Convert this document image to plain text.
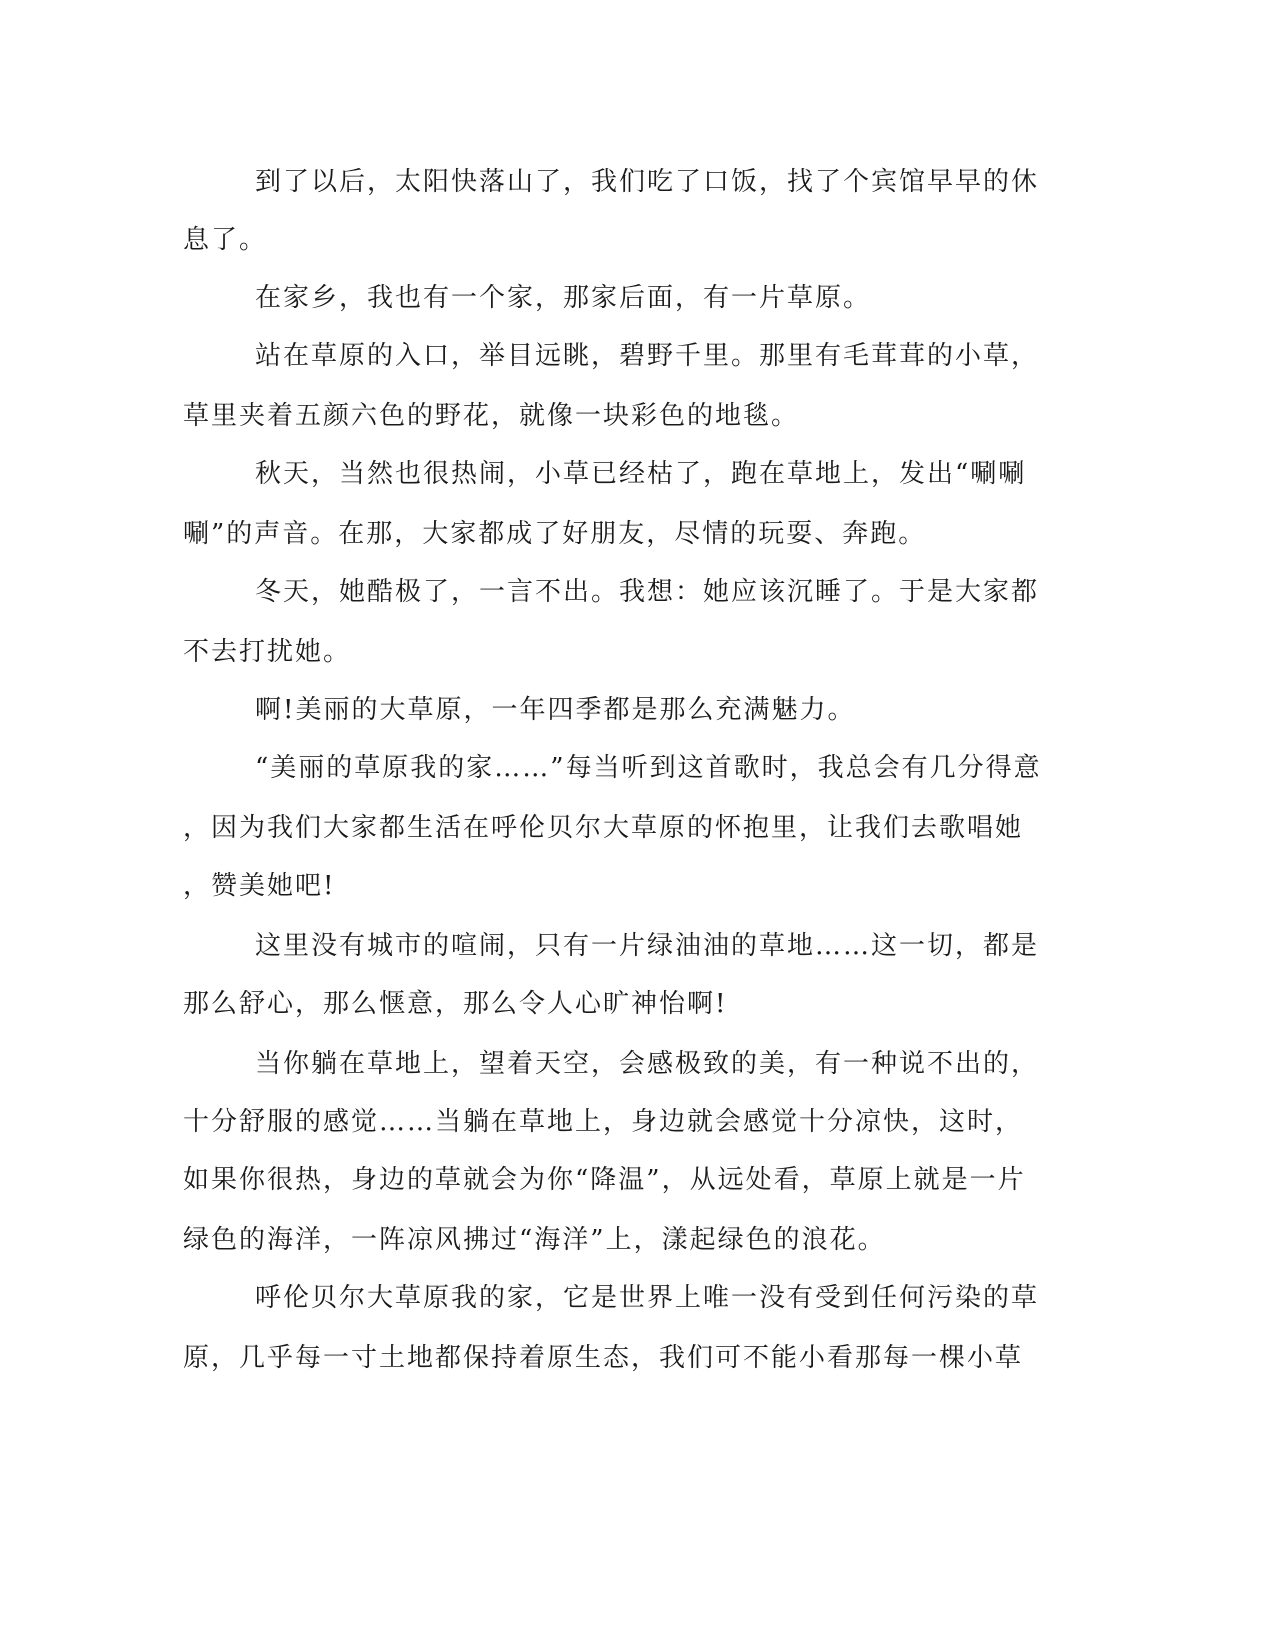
到了以后，太阳快落山了，我们吃了口饭，找了个宾馆早早的休
息了。
在家乡，我也有一个家，那家后面，有一片草原。
站在草原的入口，举目远眺，碧野千里。那里有毛茸茸的小草，
草里夹着五颜六色的野花，就像一块彩色的地毯。
秋天，当然也很热闹，小草已经枯了，跑在草地上，发出“唰唰
唰”的声音。在那，大家都成了好朋友，尽情的玩耍、奔跑。
冬天，她酷极了，一言不出。我想：她应该沉睡了。于是大家都
不去打扰她。
啊!美丽的大草原，一年四季都是那么充满魅力。
“美丽的草原我的家……”每当听到这首歌时，我总会有几分得意
，因为我们大家都生活在呼伦贝尔大草原的怀抱里，让我们去歌唱她
，赞美她吧!
这里没有城市的喧闹，只有一片绿油油的草地……这一切，都是
那么舒心，那么惬意，那么令人心旷神怡啊!
当你躺在草地上，望着天空，会感极致的美，有一种说不出的，
十分舒服的感觉……当躺在草地上，身边就会感觉十分凉快，这时，
如果你很热，身边的草就会为你“降温”，从远处看，草原上就是一片
绿色的海洋，一阵凉风拂过“海洋”上，漾起绿色的浪花。
呼伦贝尔大草原我的家，它是世界上唯一没有受到任何污染的草
原，几乎每一寸土地都保持着原生态，我们可不能小看那每一棵小草
